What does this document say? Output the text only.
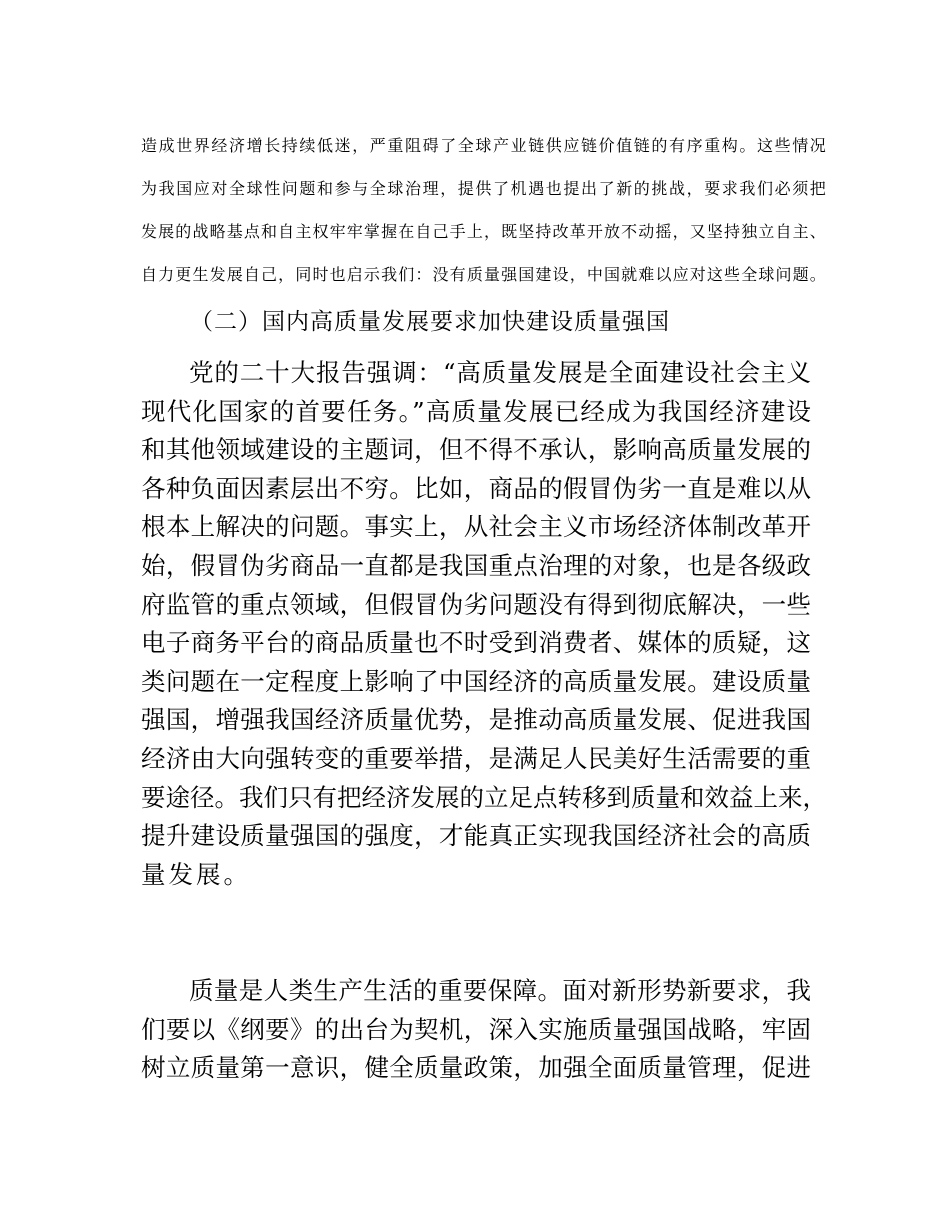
造成世界经济增长持续低迷，严重阻碍了全球产业链供应链价值链的有序重构。这些情况
为我国应对全球性问题和参与全球治理，提供了机遇也提出了新的挑战，要求我们必须把
发展的战略基点和自主权牢牢掌握在自己手上，既坚持改革开放不动摇，又坚持独立自主、
自力更生发展自己，同时也启示我们：没有质量强国建设，中国就难以应对这些全球问题。
（二）国内高质量发展要求加快建设质量强国
党的二十大报告强调：“高质量发展是全面建设社会主义
现代化国家的首要任务。”高质量发展已经成为我国经济建设
和其他领域建设的主题词，但不得不承认，影响高质量发展的
各种负面因素层出不穷。比如，商品的假冒伪劣一直是难以从
根本上解决的问题。事实上，从社会主义市场经济体制改革开
始，假冒伪劣商品一直都是我国重点治理的对象，也是各级政
府监管的重点领域，但假冒伪劣问题没有得到彻底解决，一些
电子商务平台的商品质量也不时受到消费者、媒体的质疑，这
类问题在一定程度上影响了中国经济的高质量发展。建设质量
强国，增强我国经济质量优势，是推动高质量发展、促进我国
经济由大向强转变的重要举措，是满足人民美好生活需要的重
要途径。我们只有把经济发展的立足点转移到质量和效益上来，
提升建设质量强国的强度，才能真正实现我国经济社会的高质
量发展。
质量是人类生产生活的重要保障。面对新形势新要求，我
们要以《纲要》的出台为契机，深入实施质量强国战略，牢固
树立质量第一意识，健全质量政策，加强全面质量管理，促进
